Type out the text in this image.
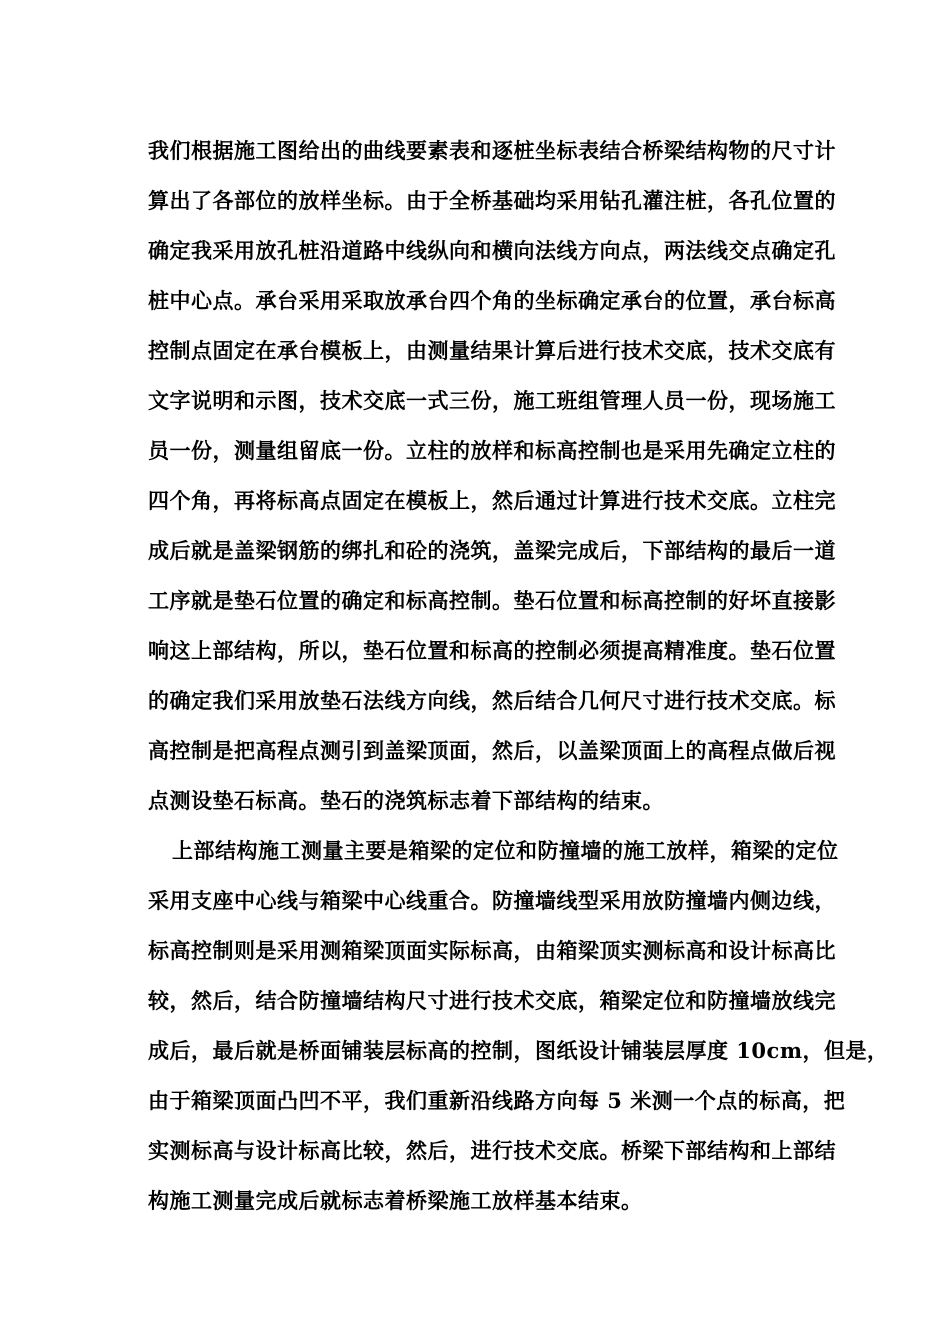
我们根据施工图给出的曲线要素表和逐桩坐标表结合桥梁结构物的尺寸计
算出了各部位的放样坐标。由于全桥基础均采用钻孔灌注桩，各孔位置的
确定我采用放孔桩沿道路中线纵向和横向法线方向点，两法线交点确定孔
桩中心点。承台采用采取放承台四个角的坐标确定承台的位置，承台标高
控制点固定在承台模板上，由测量结果计算后进行技术交底，技术交底有
文字说明和示图，技术交底一式三份，施工班组管理人员一份，现场施工
员一份，测量组留底一份。立柱的放样和标高控制也是采用先确定立柱的
四个角，再将标高点固定在模板上，然后通过计算进行技术交底。立柱完
成后就是盖梁钢筋的绑扎和砼的浇筑，盖梁完成后，下部结构的最后一道
工序就是垫石位置的确定和标高控制。垫石位置和标高控制的好坏直接影
响这上部结构，所以，垫石位置和标高的控制必须提高精准度。垫石位置
的确定我们采用放垫石法线方向线，然后结合几何尺寸进行技术交底。标
高控制是把高程点测引到盖梁顶面，然后，以盖梁顶面上的高程点做后视
点测设垫石标高。垫石的浇筑标志着下部结构的结束。
上部结构施工测量主要是箱梁的定位和防撞墙的施工放样，箱梁的定位
采用支座中心线与箱梁中心线重合。防撞墙线型采用放防撞墙内侧边线，
标高控制则是采用测箱梁顶面实际标高，由箱梁顶实测标高和设计标高比
较，然后，结合防撞墙结构尺寸进行技术交底，箱梁定位和防撞墙放线完
成后，最后就是桥面铺装层标高的控制，图纸设计铺装层厚度 10cm，但是，
由于箱梁顶面凸凹不平，我们重新沿线路方向每 5 米测一个点的标高，把
实测标高与设计标高比较，然后，进行技术交底。桥梁下部结构和上部结
构施工测量完成后就标志着桥梁施工放样基本结束。
